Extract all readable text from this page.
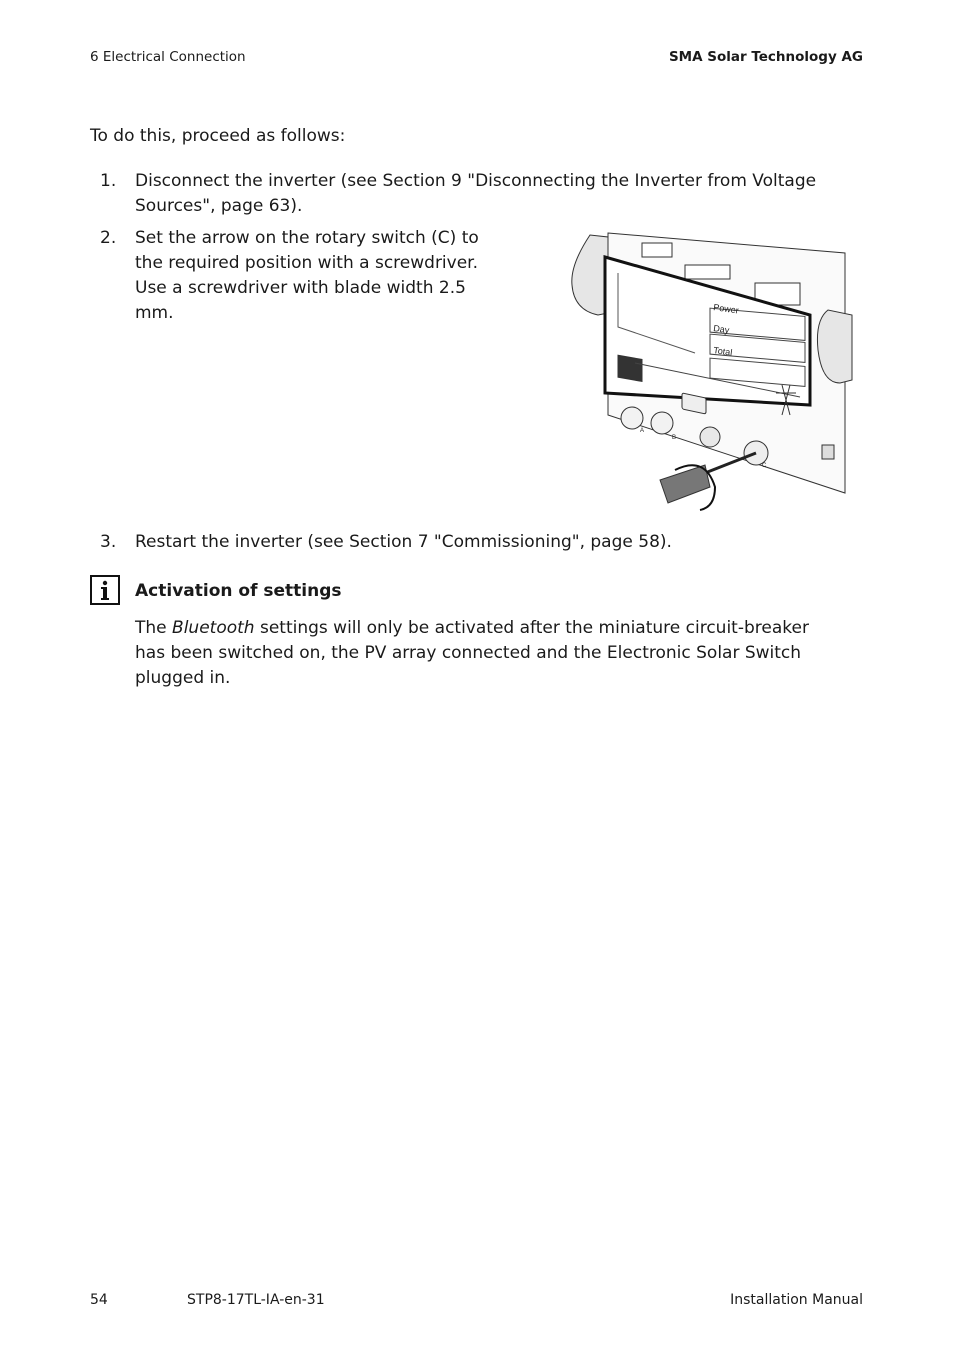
6 Electrical Connection	SMA Solar Technology AG
To do this, proceed as follows:
1. Disconnect the inverter (see Section 9 "Disconnecting the Inverter from Voltage Sources", page 63).
2. Set the arrow on the rotary switch (C) to the required position with a screwdriver. Use a screwdriver with blade width 2.5 mm.	Power
Day
Total
A
B
C
3. Restart the inverter (see Section 7 "Commissioning", page 58).
Activation of settings
The Bluetooth settings will only be activated after the miniature circuit-breaker has been switched on, the PV array connected and the Electronic Solar Switch plugged in.
54	STP8-17TL-IA-en-31	Installation Manual
